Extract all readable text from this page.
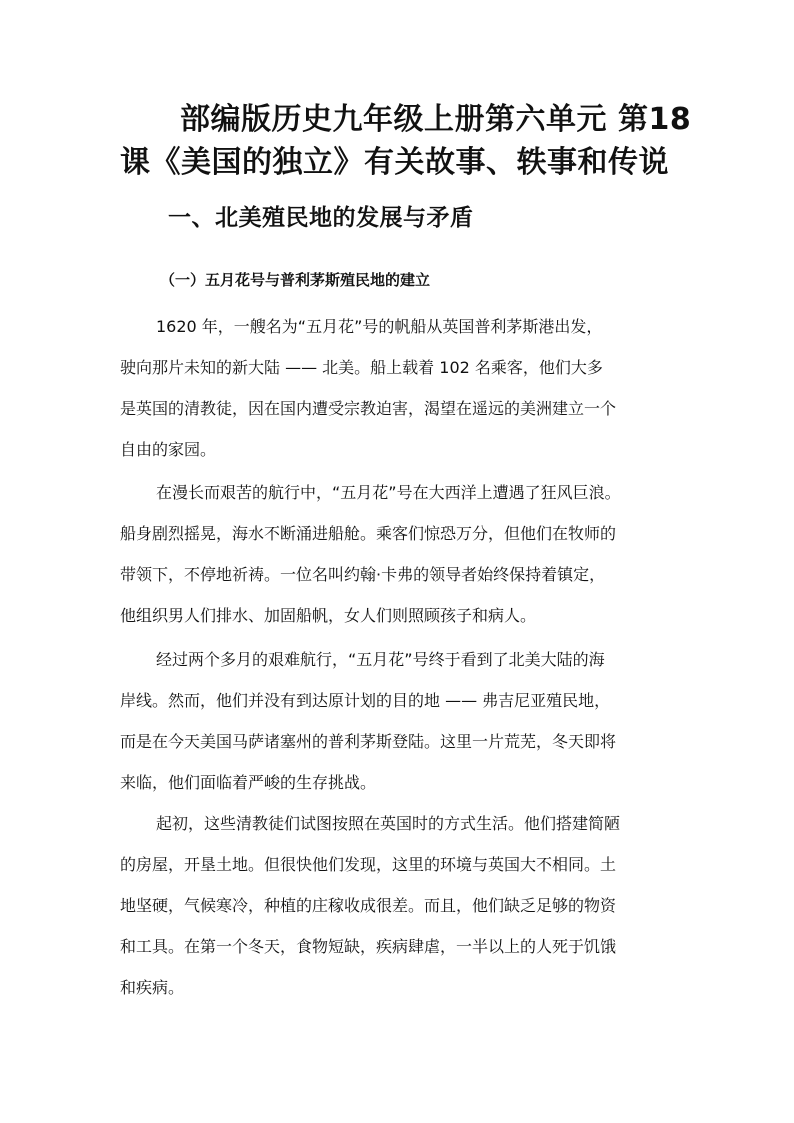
部编版历史九年级上册第六单元 第18
课《美国的独立》有关故事、轶事和传说
一、北美殖民地的发展与矛盾
（一）五月花号与普利茅斯殖民地的建立
1620 年，一艘名为“五月花”号的帆船从英国普利茅斯港出发，
驶向那片未知的新大陆 —— 北美。船上载着 102 名乘客，他们大多
是英国的清教徒，因在国内遭受宗教迫害，渴望在遥远的美洲建立一个
自由的家园。
在漫长而艰苦的航行中，“五月花”号在大西洋上遭遇了狂风巨浪。
船身剧烈摇晃，海水不断涌进船舱。乘客们惊恐万分，但他们在牧师的
带领下，不停地祈祷。一位名叫约翰·卡弗的领导者始终保持着镇定，
他组织男人们排水、加固船帆，女人们则照顾孩子和病人。
经过两个多月的艰难航行，“五月花”号终于看到了北美大陆的海
岸线。然而，他们并没有到达原计划的目的地 —— 弗吉尼亚殖民地，
而是在今天美国马萨诸塞州的普利茅斯登陆。这里一片荒芜，冬天即将
来临，他们面临着严峻的生存挑战。
起初，这些清教徒们试图按照在英国时的方式生活。他们搭建简陋
的房屋，开垦土地。但很快他们发现，这里的环境与英国大不相同。土
地坚硬，气候寒冷，种植的庄稼收成很差。而且，他们缺乏足够的物资
和工具。在第一个冬天，食物短缺，疾病肆虐，一半以上的人死于饥饿
和疾病。
